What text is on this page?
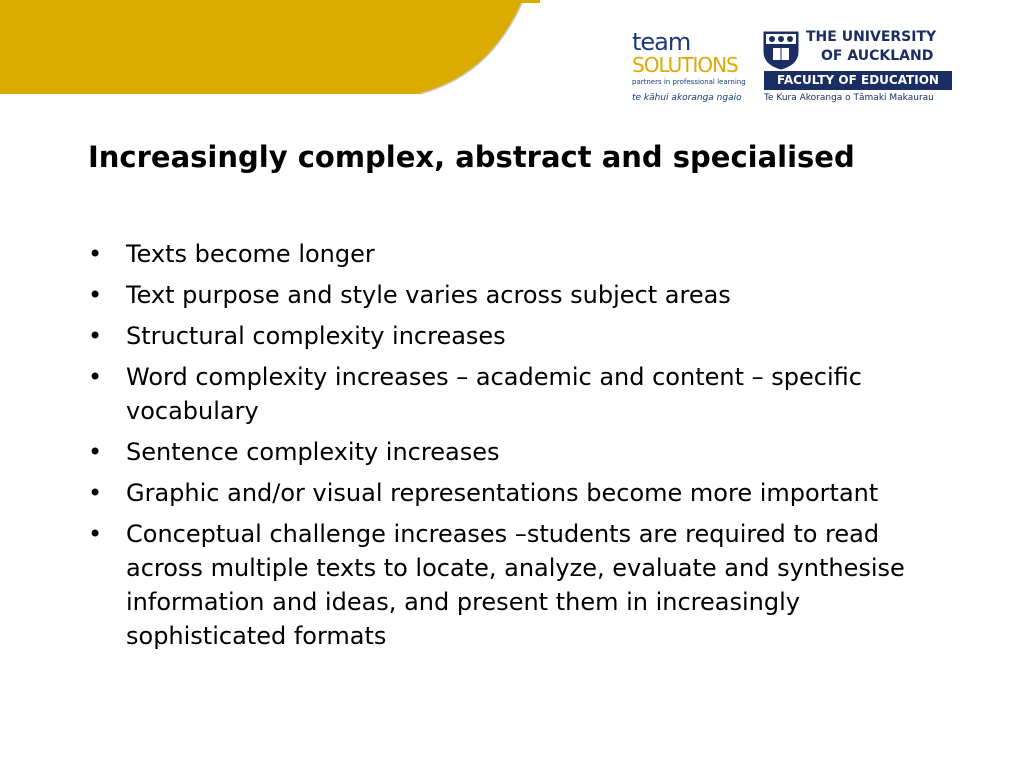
team
SOLUTIONS
partners in professional learning
te kāhui akoranga ngaio
THE UNIVERSITY
OF AUCKLAND
FACULTY OF EDUCATION
Te Kura Akoranga o Tāmaki Makaurau
Increasingly complex, abstract and specialised
• Texts become longer
• Text purpose and style varies across subject areas
• Structural complexity increases
• Word complexity increases – academic and content – specific vocabulary
• Sentence complexity increases
• Graphic and/or visual representations become more important
• Conceptual challenge increases –students are required to read across multiple texts to locate, analyze, evaluate and synthesise information and ideas, and present them in increasingly sophisticated formats
